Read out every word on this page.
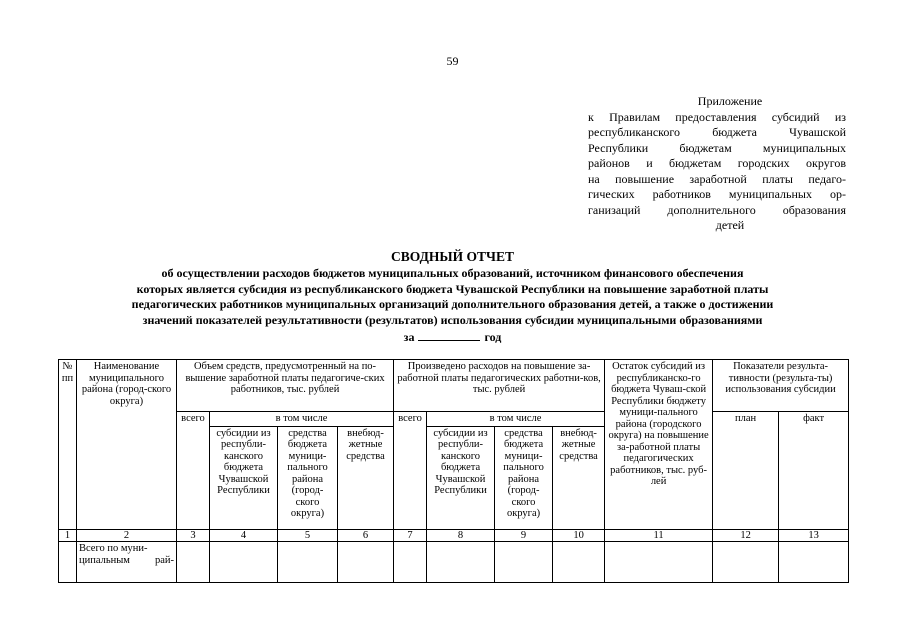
59
Приложение
к Правилам предоставления субсидий из
республиканского бюджета Чувашской
Республики бюджетам муниципальных
районов и бюджетам городских округов
на повышение заработной платы педаго-
гических работников муниципальных ор-
ганизаций дополнительного образования
детей
СВОДНЫЙ ОТЧЕТ
об осуществлении расходов бюджетов муниципальных образований, источником финансового обеспечения
которых является субсидия из республиканского бюджета Чувашской Республики на повышение заработной платы
педагогических работников муниципальных организаций дополнительного образования детей, а также о достижении
значений показателей результативности (результатов) использования субсидии муниципальными образованиями
за	год
№ пп	Наименование муниципального района (город-ского округа)	Объем средств, предусмотренный на по-вышение заработной платы педагогиче-ских работников, тыс. рублей				Произведено расходов на повышение за-работной платы педагогических работни-ков, тыс. рублей				Остаток субсидий из республиканско-го бюджета Чуваш-ской Республики бюджету муници-пального района (городского округа) на повышение за-работной платы педагогических работников, тыс. руб-лей	Показатели результа-тивности (результа-ты) использования субсидии	
		всего	в том числе			всего	в том числе				план	факт
			субсидии из республи-канского бюджета Чувашской Республики	средства бюджета муници-пального района (город-ского округа)	внебюд-жетные средства		субсидии из республи-канского бюджета Чувашской Республики	средства бюджета муници-пального района (город-ского округа)	внебюд-жетные средства			
1	2	3	4	5	6	7	8	9	10	11	12	13
	Всего по муни-ципальным рай-											
